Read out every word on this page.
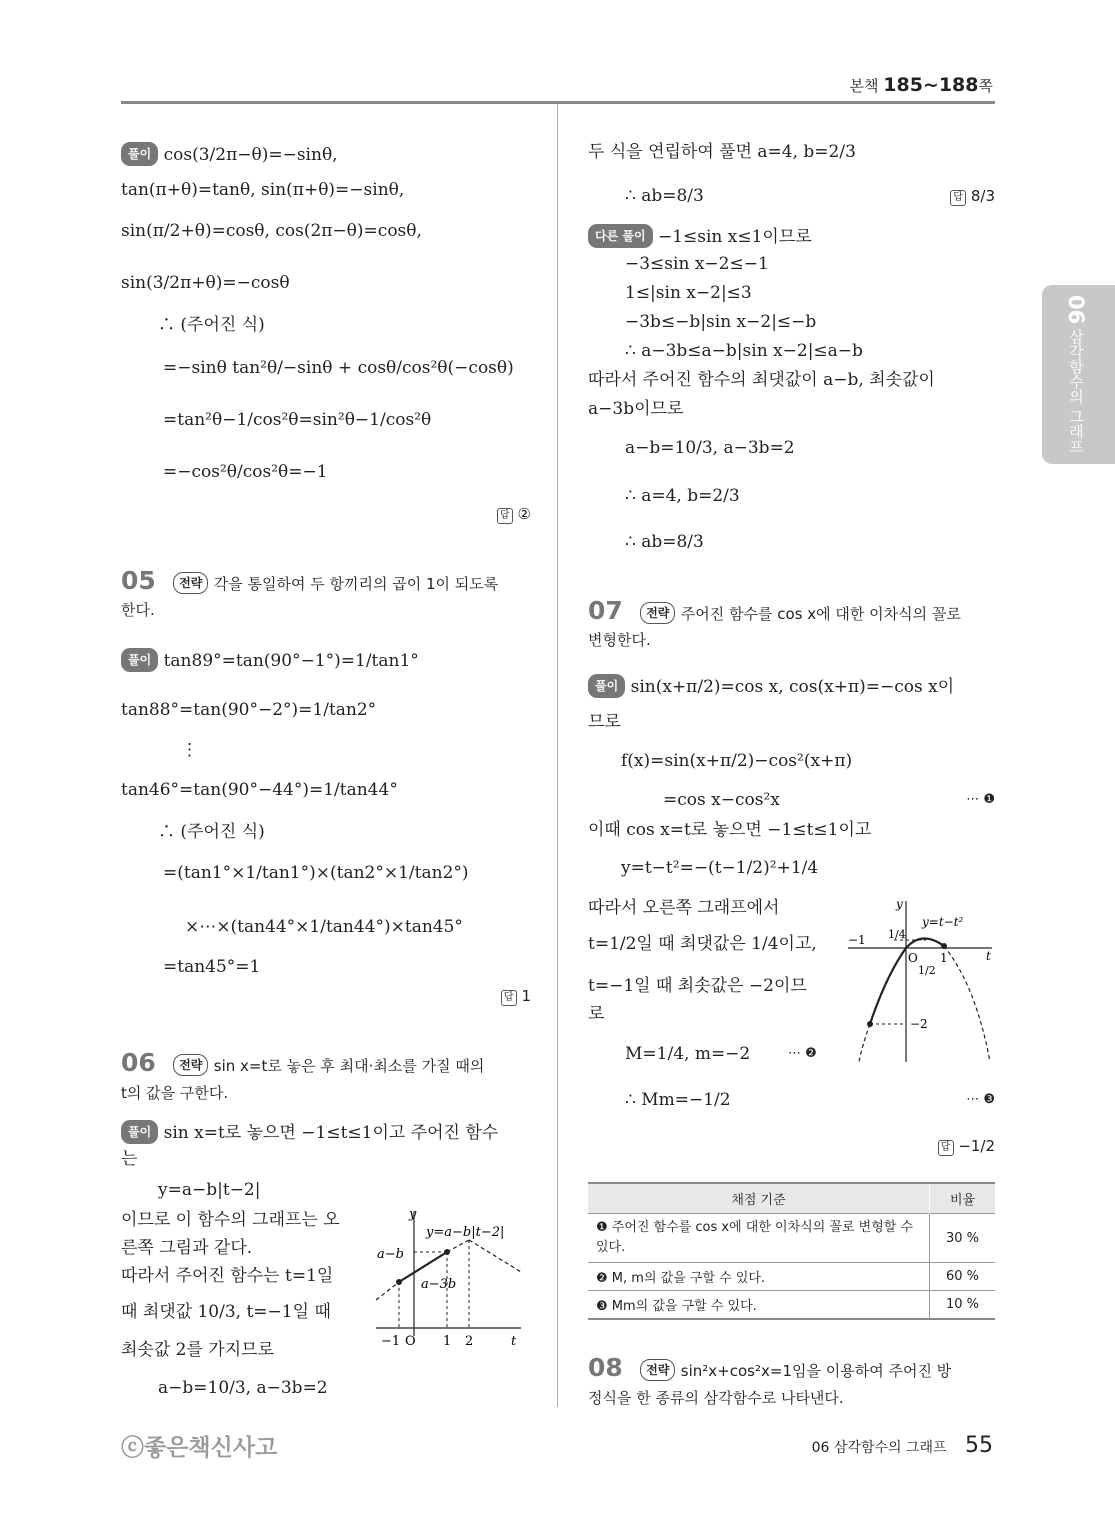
본책 185~188쪽
06 삼각함수의 그래프
풀이 cos(3/2π−θ)=−sinθ,
tan(π+θ)=tanθ, sin(π+θ)=−sinθ,
sin(π/2+θ)=cosθ, cos(2π−θ)=cosθ,
sin(3/2π+θ)=−cosθ
∴ (주어진 식)
=−sinθ tan²θ/−sinθ + cosθ/cos²θ(−cosθ)
=tan²θ−1/cos²θ=sin²θ−1/cos²θ
=−cos²θ/cos²θ=−1
답 ②
05 전략 각을 통일하여 두 항끼리의 곱이 1이 되도록
한다.
풀이 tan89°=tan(90°−1°)=1/tan1°
tan88°=tan(90°−2°)=1/tan2°
⋮
tan46°=tan(90°−44°)=1/tan44°
∴ (주어진 식)
=(tan1°×1/tan1°)×(tan2°×1/tan2°)
×⋯×(tan44°×1/tan44°)×tan45°
=tan45°=1
답 1
06 전략 sin x=t로 놓은 후 최대·최소를 가질 때의
t의 값을 구한다.
풀이 sin x=t로 놓으면 −1≤t≤1이고 주어진 함수
는
y=a−b|t−2|
이므로 이 함수의 그래프는 오
른쪽 그림과 같다.
따라서 주어진 함수는 t=1일
때 최댓값 10/3, t=−1일 때
최솟값 2를 가지므로
a−b=10/3, a−3b=2
y
t
y=a−b|t−2|
a−b
a−3b
−1 O 1 2
두 식을 연립하여 풀면 a=4, b=2/3
∴ ab=8/3	답 8/3
다른 풀이 −1≤sin x≤1이므로
−3≤sin x−2≤−1
1≤|sin x−2|≤3
−3b≤−b|sin x−2|≤−b
∴ a−3b≤a−b|sin x−2|≤a−b
따라서 주어진 함수의 최댓값이 a−b, 최솟값이
a−3b이므로
a−b=10/3, a−3b=2
∴ a=4, b=2/3
∴ ab=8/3
07 전략 주어진 함수를 cos x에 대한 이차식의 꼴로
변형한다.
풀이 sin(x+π/2)=cos x, cos(x+π)=−cos x이
므로
f(x)=sin(x+π/2)−cos²(x+π)
=cos x−cos²x	⋯ ❶
이때 cos x=t로 놓으면 −1≤t≤1이고
y=t−t²=−(t−1/2)²+1/4
따라서 오른쪽 그래프에서
t=1/2일 때 최댓값은 1/4이고,
t=−1일 때 최솟값은 −2이므
로
M=1/4, m=−2	⋯ ❷
∴ Mm=−1/2	⋯ ❸
답 −1/2
y
t
y=t−t²
1/4
−1
O
1/2
1
−2
채점 기준	비율
❶ 주어진 함수를 cos x에 대한 이차식의 꼴로 변형할 수 있다.	30 %
❷ M, m의 값을 구할 수 있다.	60 %
❸ Mm의 값을 구할 수 있다.	10 %
08 전략 sin²x+cos²x=1임을 이용하여 주어진 방
정식을 한 종류의 삼각함수로 나타낸다.
ⓒ좋은책신사고	06 삼각함수의 그래프 55
